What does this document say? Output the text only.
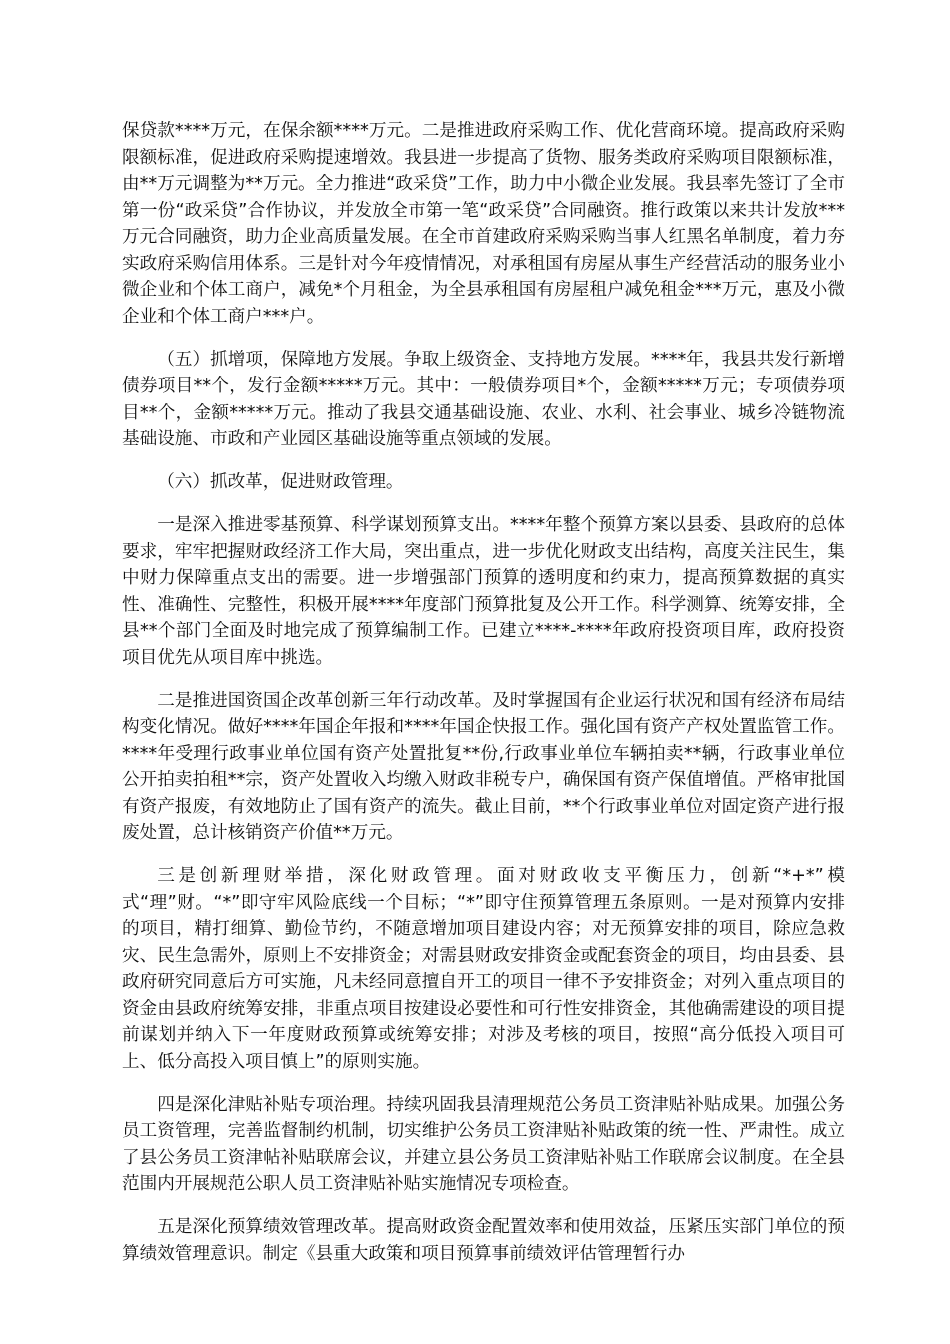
保贷款****万元，在保余额****万元。二是推进政府采购工作、优化营商环境。提高政府采购限额标准，促进政府采购提速增效。我县进一步提高了货物、服务类政府采购项目限额标准，由**万元调整为**万元。全力推进“政采贷”工作，助力中小微企业发展。我县率先签订了全市第一份“政采贷”合作协议，并发放全市第一笔“政采贷”合同融资。推行政策以来共计发放***万元合同融资，助力企业高质量发展。在全市首建政府采购采购当事人红黑名单制度，着力夯实政府采购信用体系。三是针对今年疫情情况，对承租国有房屋从事生产经营活动的服务业小微企业和个体工商户，减免*个月租金，为全县承租国有房屋租户减免租金***万元，惠及小微企业和个体工商户***户。

（五）抓增项，保障地方发展。争取上级资金、支持地方发展。****年，我县共发行新增债券项目**个，发行金额*****万元。其中：一般债券项目*个，金额*****万元；专项债券项目**个，金额*****万元。推动了我县交通基础设施、农业、水利、社会事业、城乡冷链物流基础设施、市政和产业园区基础设施等重点领域的发展。

（六）抓改革，促进财政管理。

一是深入推进零基预算、科学谋划预算支出。****年整个预算方案以县委、县政府的总体要求，牢牢把握财政经济工作大局，突出重点，进一步优化财政支出结构，高度关注民生，集中财力保障重点支出的需要。进一步增强部门预算的透明度和约束力，提高预算数据的真实性、准确性、完整性，积极开展****年度部门预算批复及公开工作。科学测算、统筹安排，全县**个部门全面及时地完成了预算编制工作。已建立****-****年政府投资项目库，政府投资项目优先从项目库中挑选。

二是推进国资国企改革创新三年行动改革。及时掌握国有企业运行状况和国有经济布局结构变化情况。做好****年国企年报和****年国企快报工作。强化国有资产产权处置监管工作。****年受理行政事业单位国有资产处置批复**份,行政事业单位车辆拍卖**辆，行政事业单位公开拍卖拍租**宗，资产处置收入均缴入财政非税专户，确保国有资产保值增值。严格审批国有资产报废，有效地防止了国有资产的流失。截止目前，**个行政事业单位对固定资产进行报废处置，总计核销资产价值**万元。

三是创新理财举措，深化财政管理。面对财政收支平衡压力，创新“*+*”模式“理”财。“*”即守牢风险底线一个目标；“*”即守住预算管理五条原则。一是对预算内安排的项目，精打细算、勤俭节约，不随意增加项目建设内容；对无预算安排的项目，除应急救灾、民生急需外，原则上不安排资金；对需县财政安排资金或配套资金的项目，均由县委、县政府研究同意后方可实施，凡未经同意擅自开工的项目一律不予安排资金；对列入重点项目的资金由县政府统筹安排，非重点项目按建设必要性和可行性安排资金，其他确需建设的项目提前谋划并纳入下一年度财政预算或统筹安排；对涉及考核的项目，按照“高分低投入项目可上、低分高投入项目慎上”的原则实施。

四是深化津贴补贴专项治理。持续巩固我县清理规范公务员工资津贴补贴成果。加强公务员工资管理，完善监督制约机制，切实维护公务员工资津贴补贴政策的统一性、严肃性。成立了县公务员工资津帖补贴联席会议，并建立县公务员工资津贴补贴工作联席会议制度。在全县范围内开展规范公职人员工资津贴补贴实施情况专项检查。

五是深化预算绩效管理改革。提高财政资金配置效率和使用效益，压紧压实部门单位的预算绩效管理意识。制定《县重大政策和项目预算事前绩效评估管理暂行办
